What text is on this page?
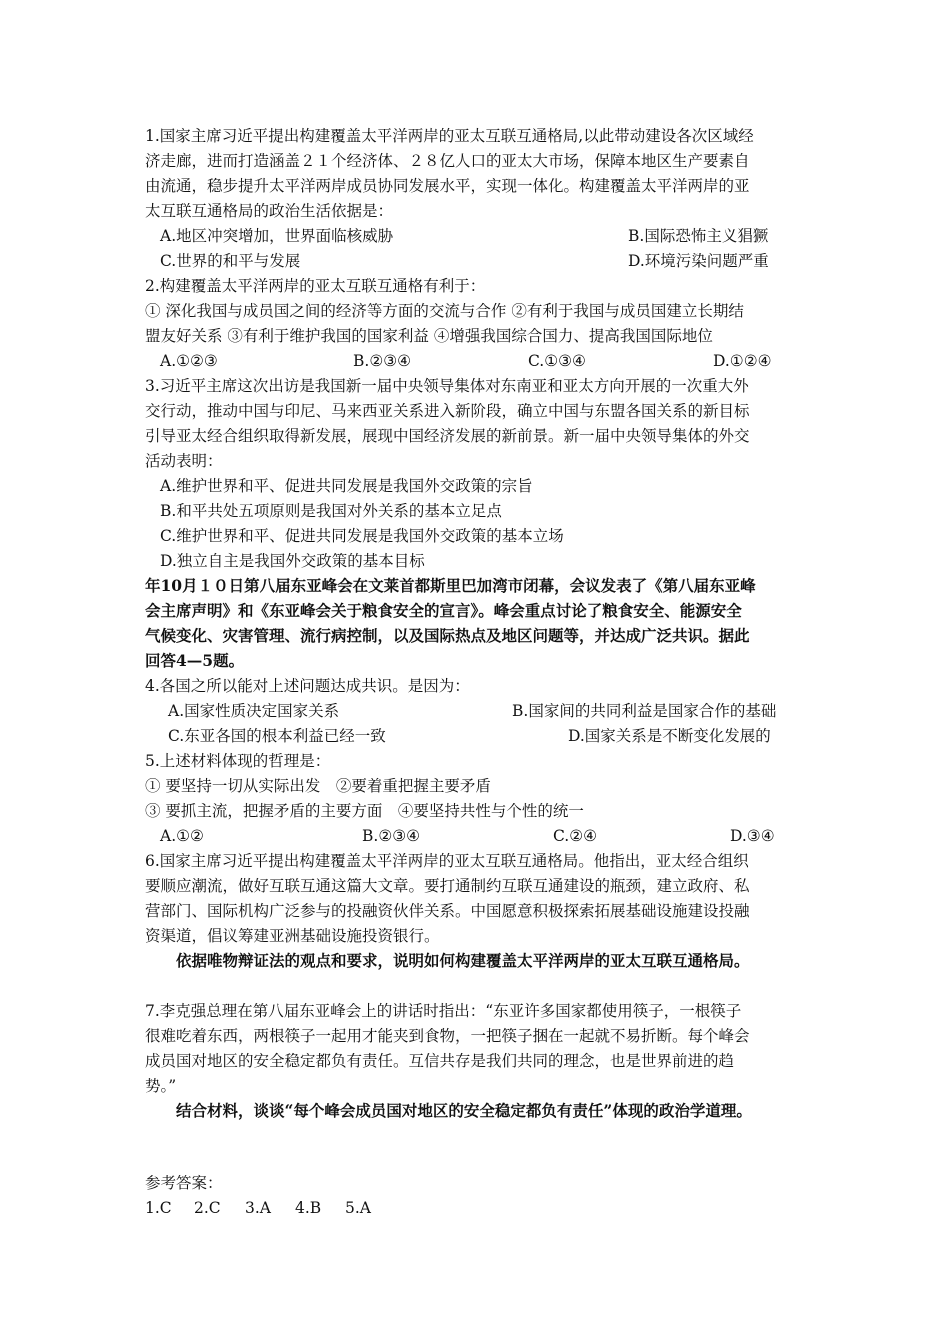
1.国家主席习近平提出构建覆盖太平洋两岸的亚太互联互通格局,以此带动建设各次区域经
济走廊，进而打造涵盖２１个经济体、２８亿人口的亚太大市场，保障本地区生产要素自
由流通，稳步提升太平洋两岸成员协同发展水平，实现一体化。构建覆盖太平洋两岸的亚
太互联互通格局的政治生活依据是：
A.地区冲突增加，世界面临核威胁	B.国际恐怖主义猖獗
C.世界的和平与发展	D.环境污染问题严重
2.构建覆盖太平洋两岸的亚太互联互通格有利于：
① 深化我国与成员国之间的经济等方面的交流与合作 ②有利于我国与成员国建立长期结
盟友好关系 ③有利于维护我国的国家利益 ④增强我国综合国力、提高我国国际地位
A.①②③	B.②③④	C.①③④	D.①②④
3.习近平主席这次出访是我国新一届中央领导集体对东南亚和亚太方向开展的一次重大外
交行动，推动中国与印尼、马来西亚关系进入新阶段，确立中国与东盟各国关系的新目标
引导亚太经合组织取得新发展，展现中国经济发展的新前景。新一届中央领导集体的外交
活动表明：
A.维护世界和平、促进共同发展是我国外交政策的宗旨
B.和平共处五项原则是我国对外关系的基本立足点
C.维护世界和平、促进共同发展是我国外交政策的基本立场
D.独立自主是我国外交政策的基本目标
年10月１０日第八届东亚峰会在文莱首都斯里巴加湾市闭幕，会议发表了《第八届东亚峰
会主席声明》和《东亚峰会关于粮食安全的宣言》。峰会重点讨论了粮食安全、能源安全
气候变化、灾害管理、流行病控制，以及国际热点及地区问题等，并达成广泛共识。据此
回答4—5题。
4.各国之所以能对上述问题达成共识。是因为：
A.国家性质决定国家关系	B.国家间的共同利益是国家合作的基础
C.东亚各国的根本利益已经一致	D.国家关系是不断变化发展的
5.上述材料体现的哲理是：
① 要坚持一切从实际出发　②要着重把握主要矛盾
③ 要抓主流，把握矛盾的主要方面　④要坚持共性与个性的统一
A.①②	B.②③④	C.②④	D.③④
6.国家主席习近平提出构建覆盖太平洋两岸的亚太互联互通格局。他指出，亚太经合组织
要顺应潮流，做好互联互通这篇大文章。要打通制约互联互通建设的瓶颈，建立政府、私
营部门、国际机构广泛参与的投融资伙伴关系。中国愿意积极探索拓展基础设施建设投融
资渠道，倡议筹建亚洲基础设施投资银行。
依据唯物辩证法的观点和要求，说明如何构建覆盖太平洋两岸的亚太互联互通格局。
7.李克强总理在第八届东亚峰会上的讲话时指出：“东亚许多国家都使用筷子，一根筷子
很难吃着东西，两根筷子一起用才能夹到食物，一把筷子捆在一起就不易折断。每个峰会
成员国对地区的安全稳定都负有责任。互信共存是我们共同的理念，也是世界前进的趋
势。”
结合材料，谈谈“每个峰会成员国对地区的安全稳定都负有责任”体现的政治学道理。
参考答案：
1.C 2.C 3.A 4.B 5.A
